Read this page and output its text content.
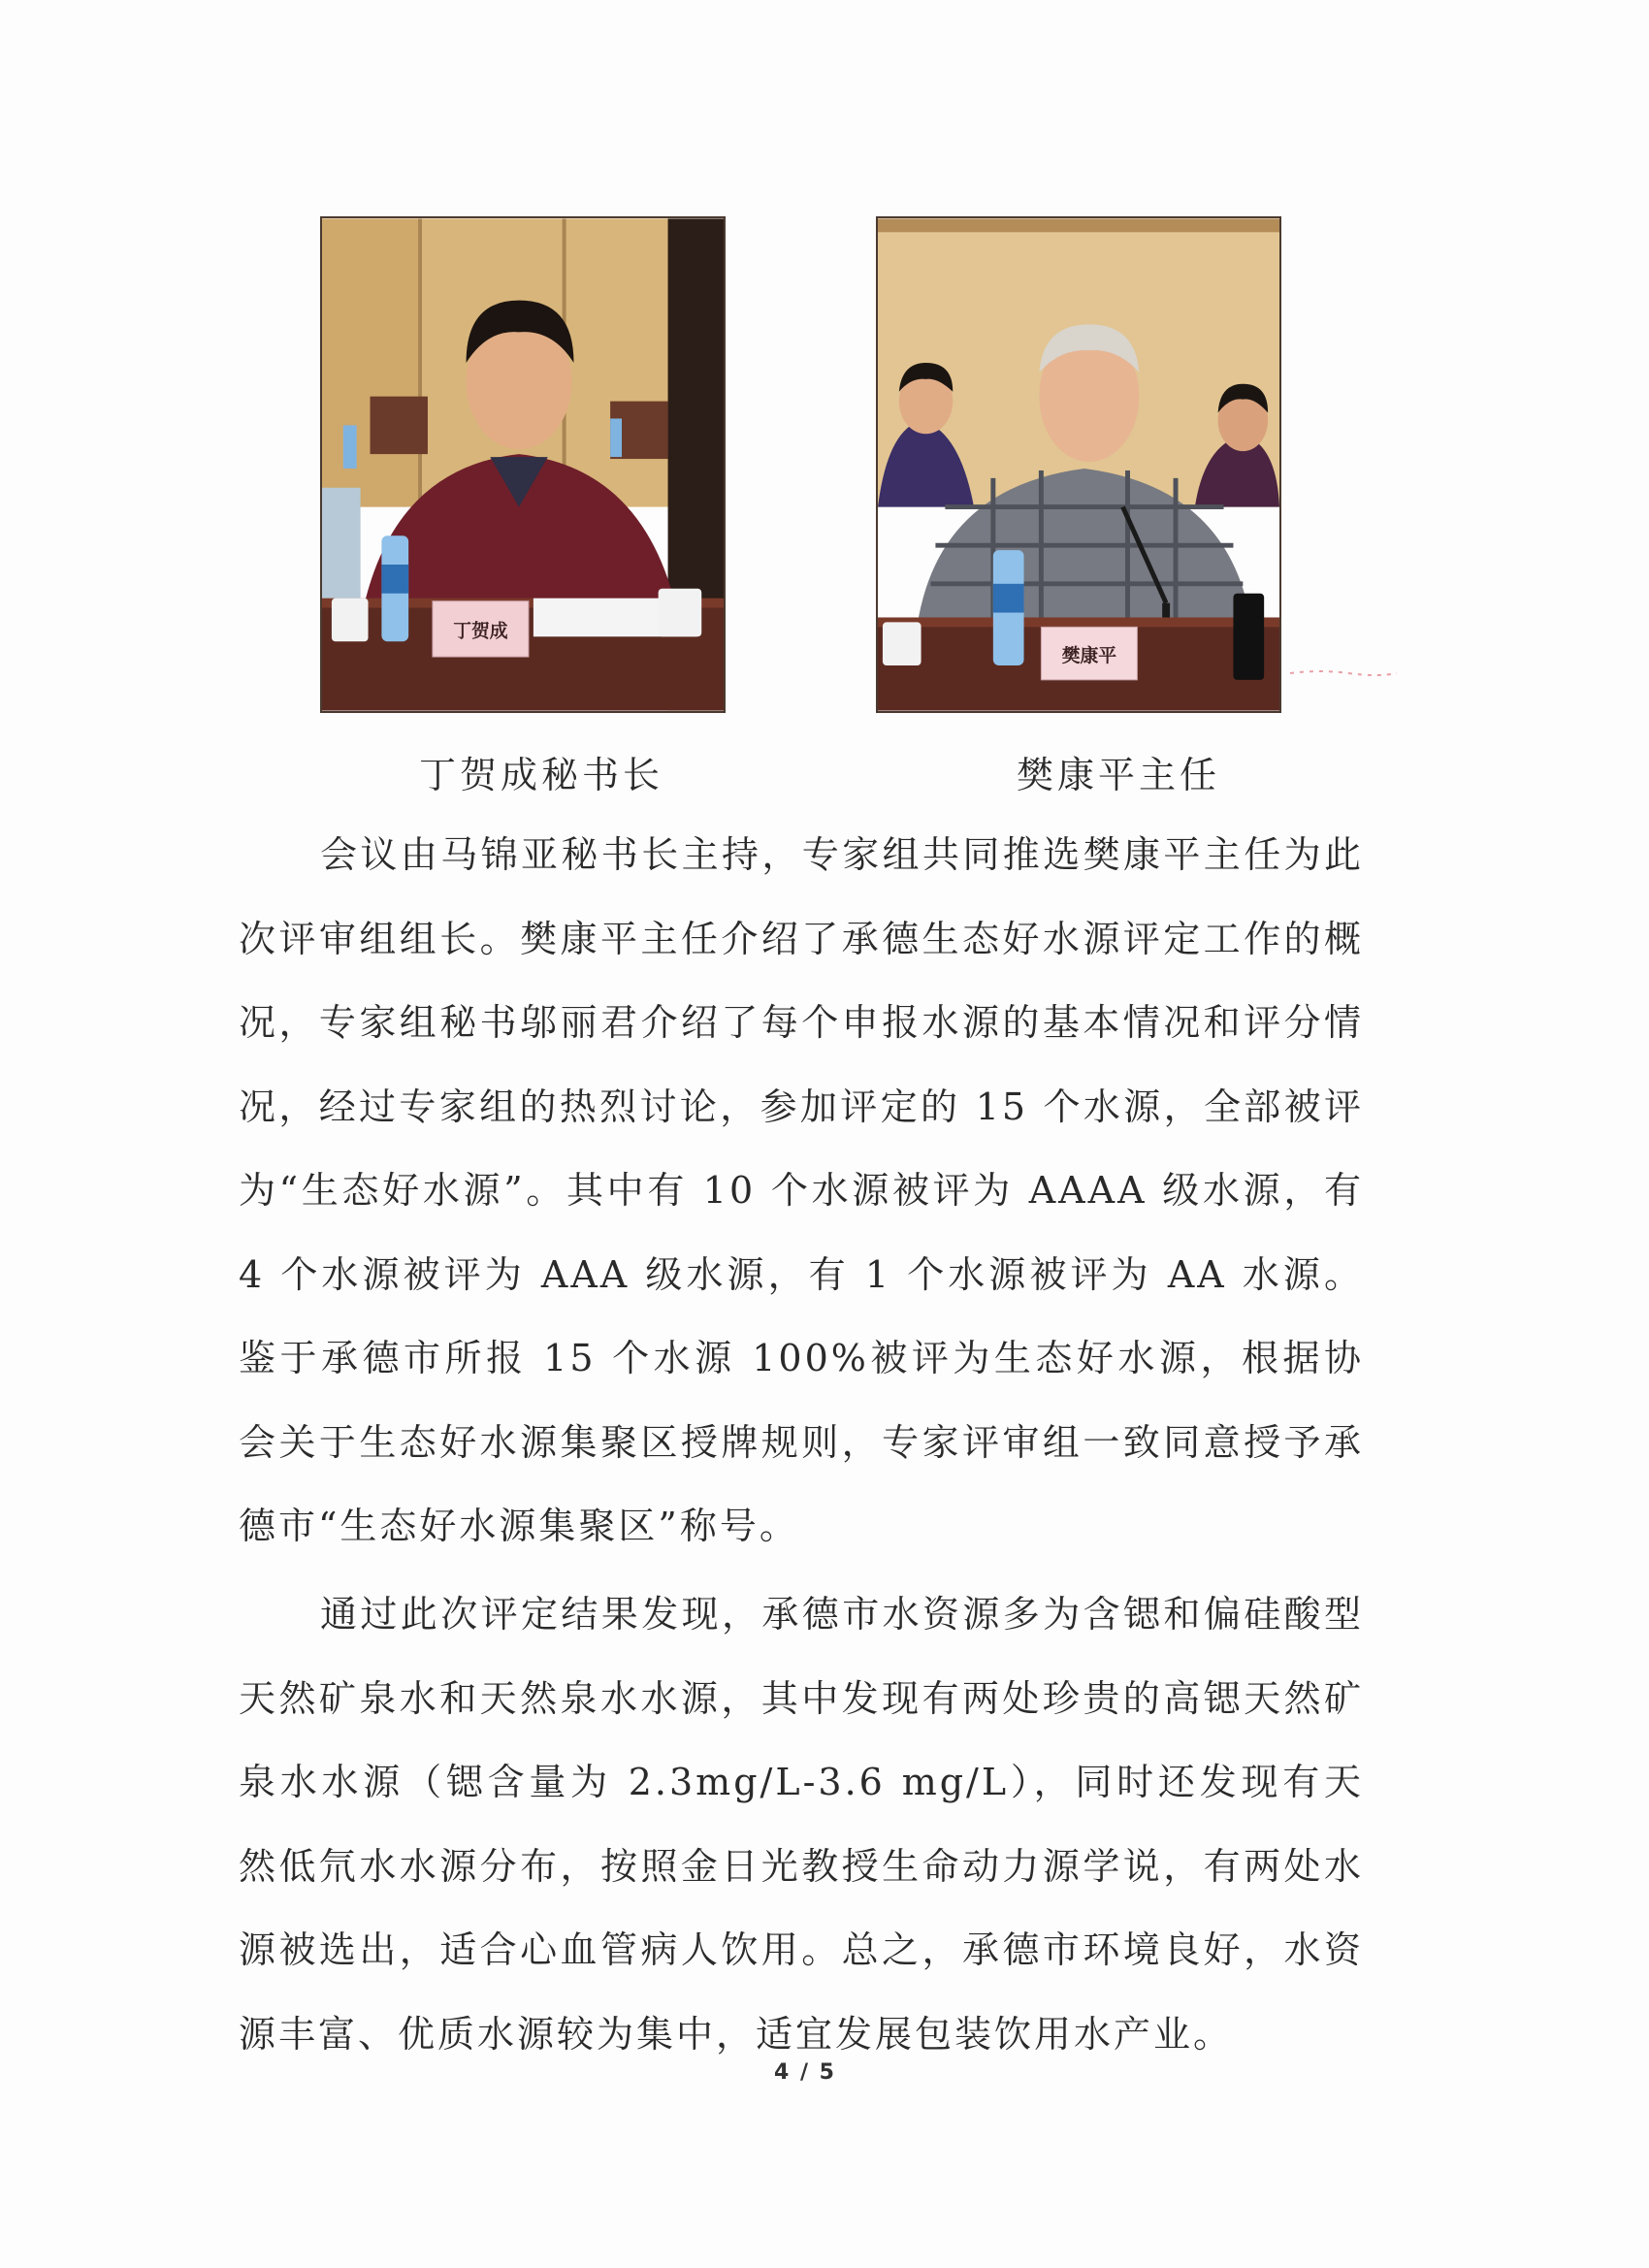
丁贺成
樊康平
丁贺成秘书长	樊康平主任

会议由马锦亚秘书长主持，专家组共同推选樊康平主任为此次评审组组长。樊康平主任介绍了承德生态好水源评定工作的概况，专家组秘书邬丽君介绍了每个申报水源的基本情况和评分情况，经过专家组的热烈讨论，参加评定的 15 个水源，全部被评为“生态好水源”。其中有 10 个水源被评为 AAAA 级水源，有 4 个水源被评为 AAA 级水源，有 1 个水源被评为 AA 水源。鉴于承德市所报 15 个水源 100%被评为生态好水源，根据协会关于生态好水源集聚区授牌规则，专家评审组一致同意授予承德市“生态好水源集聚区”称号。

通过此次评定结果发现，承德市水资源多为含锶和偏硅酸型天然矿泉水和天然泉水水源，其中发现有两处珍贵的高锶天然矿泉水水源（锶含量为 2.3mg/L-3.6 mg/L），同时还发现有天然低氘水水源分布，按照金日光教授生命动力源学说，有两处水源被选出，适合心血管病人饮用。总之，承德市环境良好，水资源丰富、优质水源较为集中，适宜发展包装饮用水产业。

4 / 5
